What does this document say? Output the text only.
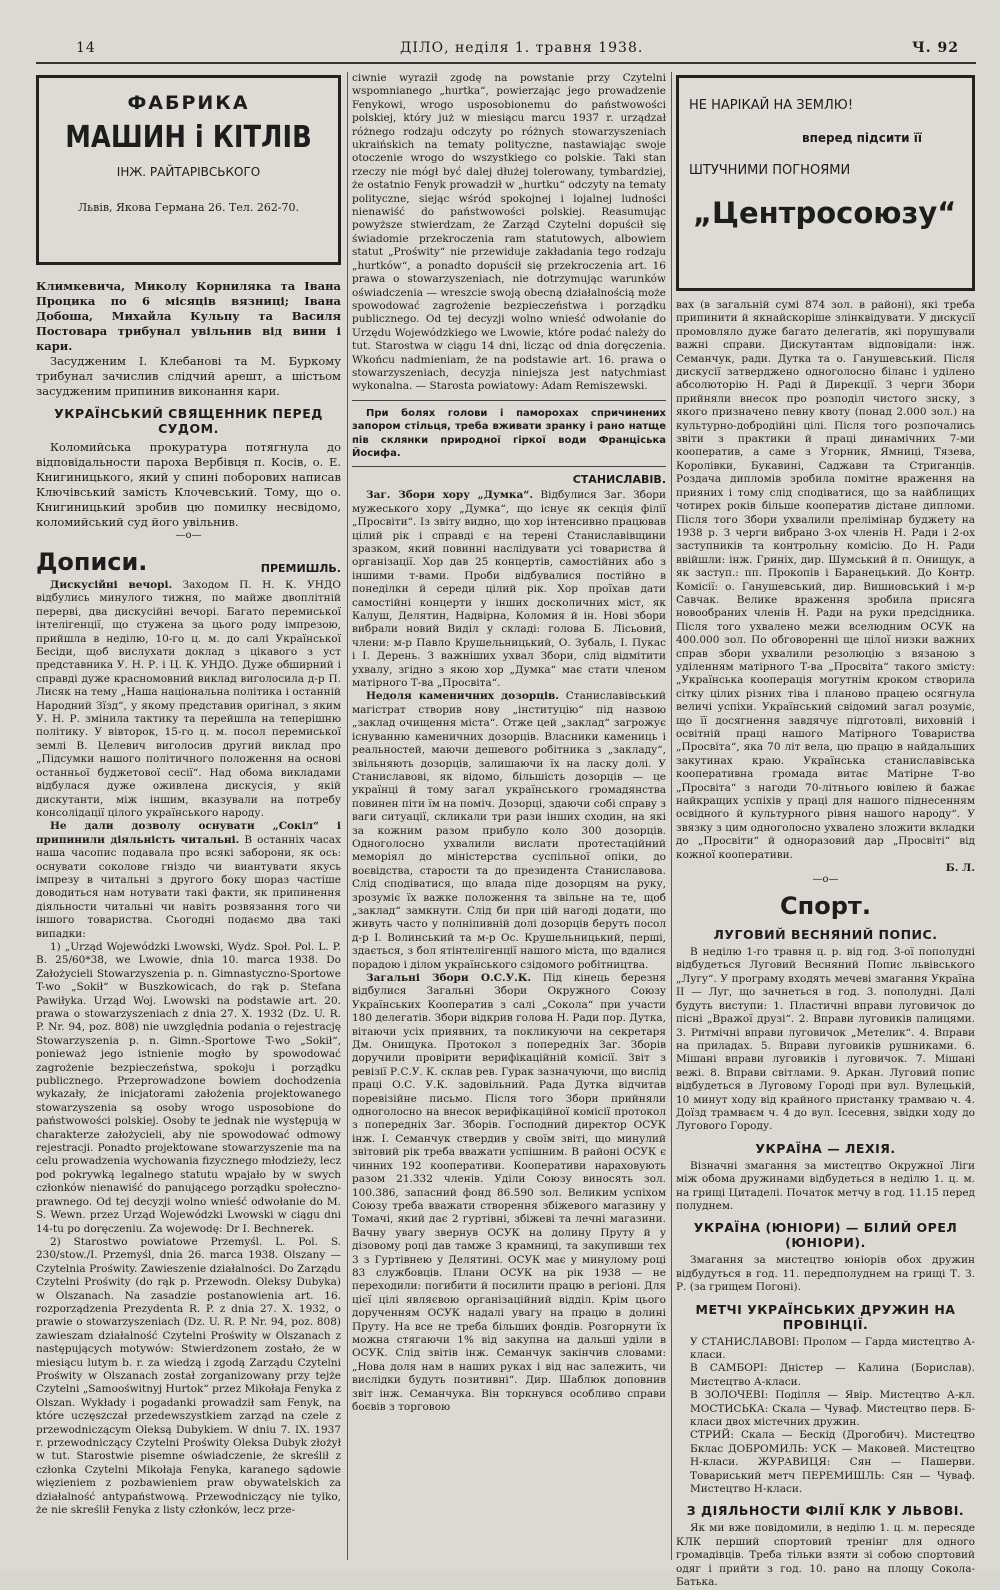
14	ДІЛО, неділя 1. травня 1938.	Ч. 92
ФАБРИКА
МАШИН і КІТЛІВ
ІНЖ. РАЙТАРІВСЬКОГО
Львів, Якова Германа 26. Тел. 262-70.

Климкевича, Миколу Корниляка та Івана Процика по 6 місяців вязниці; Івана Добоша, Михайла Кульпу та Василя Постовара трибунал увільнив від вини і кари.

Засудженим І. Клебанові та М. Буркому трибунал зачислив слідчий арешт, а шістьом засудженим припинив виконання кари.

УКРАЇНСЬКИЙ СВЯЩЕННИК ПЕРЕД СУДОМ.

Коломийська прокуратура потягнула до відповідальности пароха Вербівця п. Косів, о. Е. Книгиницького, який у спині поборових написав Ключівський замість Клочевський. Тому, що о. Книгиницький зробив цю помилку несвідомо, коломийський суд його увільнив.

—о—
Дописи.	ПРЕМИШЛЬ.

Дискусійні вечорі. Заходом П. Н. К. УНДО відбулись минулого тижня, по майже двоплітній перерві, два дискусійні вечорі. Багато перемиської інтелігенції, що стужена за цього роду імпрезою, прийшла в неділю, 10-го ц. м. до салі Української Бесіди, щоб вислухати доклад з цікавого з уст представника У. Н. Р. і Ц. К. УНДО. Дуже обширний і справді дуже красномовний виклад виголосила д-р П. Лисяк на тему „Наша національна політика і останній Народний Зїзд“, у якому представив оригінал, з яким У. Н. Р. змінила тактику та перейшла на теперішню політику. У вівторок, 15-го ц. м. посол перемиської землі В. Целевич виголосив другий виклад про „Підсумки нашого політичного положення на основі останньої буджетової сесії“. Над обома викладами відбулася дуже оживлена дискусія, у якій дискутанти, між іншим, вказували на потребу консолідації цілого українського народу.

Не дали дозволу оснувати „Сокіл“ і припинили діяльність читальні. В останніх часах наша часопис подавала про всякі заборони, як ось: оснувати соколове гніздо чи виантувати якусь імпрезу в читальні з другого боку шораз частіше доводиться нам нотувати такі факти, як припинення діяльности читальні чи навіть розвязання того чи іншого товариства. Сьогодні подаємо два такі випадки:

1) „Urząd Wojewódzki Lwowski, Wydz. Społ. Pol. L. P. B. 25/60*38, we Lwowie, dnia 10. marca 1938. Do Założycieli Stowarzyszenia p. n. Gimnastyczno-Sportowe T-wo „Sokił“ w Buszkowicach, do rąk p. Stefana Pawiłyka. Urząd Woj. Lwowski na podstawie art. 20. prawa o stowarzyszeniach z dnia 27. X. 1932 (Dz. U. R. P. Nr. 94, poz. 808) nie uwzględnia podania o rejestrację Stowarzyszenia p. n. Gimn.-Sportowe T-wo „Sokił“, ponieważ jego istnienie mogło by spowodować zagrożenie bezpieczeństwa, spokoju i porządku publicznego. Przeprowadzone bowiem dochodzenia wykazały, że inicjatorami założenia projektowanego stowarzyszenia są osoby wrogo usposobione do państwowości polskiej. Osoby te jednak nie występują w charakterze założycieli, aby nie spowodować odmowy rejestracji. Ponadto projektowane stowarzyszenie ma na celu prowadzenia wychowania fizycznego młodzieży, lecz pod pokrywką legalnego statutu wpajało by w swych członków nienawiść do panującego porządku społeczno-prawnego. Od tej decyzji wolno wnieść odwołanie do M. S. Wewn. przez Urząd Wojewódzki Lwowski w ciągu dni 14-tu po doręczeniu. Za wojewodę: Dr I. Bechnerek.

2) Starostwo powiatowe Przemyśl. L. Pol. S. 230/stow./I. Przemyśl, dnia 26. marca 1938. Olszany — Czytelnia Proświty. Zawieszenie działalności. Do Zarządu Czytelni Proświty (do rąk p. Przewodn. Oleksy Dubyka) w Olszanach. Na zasadzie postanowienia art. 16. rozporządzenia Prezydenta R. P. z dnia 27. X. 1932, o prawie o stowarzyszeniach (Dz. U. R. P. Nr. 94, poz. 808) zawieszam działalność Czytelni Proświty w Olszanach z następujących motywów: Stwierdzonem zostało, że w miesiącu lutym b. r. za wiedzą i zgodą Zarządu Czytelni Proświty w Olszanach został zorganizowany przy tejże Czytelni „Samooświtnyj Hurtok“ przez Mikołaja Fenyka z Olszan. Wykłady i pogadanki prowadził sam Fenyk, na które uczęszczał przedewszystkiem zarząd na czele z przewodniczącym Oleksą Dubykiem. W dniu 7. IX. 1937 r. przewodniczący Czytelni Proświty Oleksa Dubyk złożył w tut. Starostwie pisemne oświadczenie, że skreślił z członka Czytelni Mikołaja Fenyka, karanego sądowie więzieniem z pozbawieniem praw obywatelskich za działalność antypaństwową. Przewodniczący nie tylko, że nie skreślił Fenyka z listy członków, lecz prze-

ciwnie wyraził zgodę na powstanie przy Czytelni wspomnianego „hurtka“, powierzając jego prowadzenie Fenykowi, wrogo usposobionemu do państwowości polskiej, który już w miesiącu marcu 1937 r. urządzał różnego rodzaju odczyty po różnych stowarzyszeniach ukraińskich na tematy polityczne, nastawiając swoje otoczenie wrogo do wszystkiego co polskie. Taki stan rzeczy nie mógł być dalej dłużej tolerowany, tymbardziej, że ostatnio Fenyk prowadził w „hurtku“ odczyty na tematy polityczne, siejąc wśród spokojnej i lojalnej ludności nienawiść do państwowości polskiej. Reasumując powyższe stwierdzam, że Zarząd Czytelni dopuścił się świadomie przekroczenia ram statutowych, albowiem statut „Proświty“ nie przewiduje zakładania tego rodzaju „hurtków“, a ponadto dopuścił się przekroczenia art. 16 prawa o stowarzyszeniach, nie dotrzymując warunków oświadczenia — wreszcie swoją obecną działalnością może spowodować zagrożenie bezpieczeństwa i porządku publicznego. Od tej decyzji wolno wnieść odwołanie do Urzędu Wojewódzkiego we Lwowie, które podać należy do tut. Starostwa w ciągu 14 dni, licząc od dnia doręczenia. Wkońcu nadmieniam, że na podstawie art. 16. prawa o stowarzyszeniach, decyzja niniejsza jest natychmiast wykonalna. — Starosta powiatowy: Adam Remiszewski.

При болях голови і паморохах спричинених запором стільця, треба вживати зранку і рано натще пів склянки природної гіркої води Франціська Йосифа.

СТАНИСЛАВІВ.

Заг. Збори хору „Думка“. Відбулися Заг. Збори мужеського хору „Думка“, що існує як секція філії „Просвіти“. Із звіту видно, що хор інтенсивно працював цілий рік і справді є на терені Станиславівщини зразком, який повинні наслідувати усі товариства й організації. Хор дав 25 концертів, самостійних або з іншими т-вами. Проби відбувалися постійно в понеділки й середи цілий рік. Хор проїхав дати самостійні концерти у інших досколичних міст, як Калуш, Делятин, Надвірна, Коломия й ін. Нові збори вибрали новий Виділ у складі: голова Б. Лісьовий, члени: м-р Павло Крушельницький, О. Зубаль, І. Пукас і І. Дерень. З важніших ухвал Збори, слід відмітити ухвалу, згідно з якою хор „Думка“ має стати членом матірного Т-ва „Просвіта“.

Недоля каменичних дозорців. Станиславівський магістрат створив нову „інституцію“ під назвою „заклад очищення міста“. Отже цей „заклад“ загрожує існуванню каменичних дозорців. Власники камениць і реальностей, маючи дешевого робітника з „закладу“, звільняють дозорців, залишаючи їх на ласку долі. У Станиславові, як відомо, більшість дозорців — це українці й тому загал українського громадянства повинен піти їм на поміч. Дозорці, здаючи собі справу з ваги ситуації, скликали три рази інших сходин, на які за кожним разом прибуло коло 300 дозорців. Одноголосно ухвалили вислати протестаційний меморіял до міністерства суспільної опіки, до воєвідства, старости та до президента Станиславова. Слід сподіватися, що влада піде дозорцям на руку, зрозуміє їх важке положення та звільне на те, щоб „заклад“ замкнути. Слід би при цій нагоді додати, що живуть часто у полніпивній долі дозорців беруть посол д-р І. Волинський та м-р Ос. Крушельницький, перші, здається, з бол ятінтелігенції нашого міста, що вдалися порадою і ділом українського сзідомого робітництва.

Загальні Збори О.С.У.К. Під кінець березня відбулися Загальні Збори Окружного Союзу Українських Кооператив з салі „Сокола“ при участи 180 делегатів. Збори відкрив голова Н. Ради пор. Дутка, вітаючи усіх приявних, та покликуючи на секретаря Дм. Онищука. Протокол з попередніх Заг. Зборів доручили провірити верифікаційній комісії. Звіт з ревізії Р.С.У. К. склав рев. Гурак зазначуючи, що вислід праці О.С. У.К. задовільний. Рада Дутка відчитав поревізійне письмо. Після того Збори прийняли одноголосно на внесок верифікаційної комісії протокол з попередніх Заг. Зборів. Господний директор ОСУК інж. І. Семанчук ствердив у своїм звіті, що минулий звітовий рік треба вважати успішним. В районі ОСУК є чинних 192 кооперативи. Кооперативи нараховують разом 21.332 членів. Уділи Союзу виносять зол. 100.386, запасний фонд 86.590 зол. Великим успіхом Союзу треба вважати створення збіжевого магазину у Томачі, який дає 2 гуртівні, збіжеві та лечні магазини. Вачну увагу звернув ОСУК на долину Пруту й у дізовому році дав тамже 3 крамниці, та закупивши тех 3 з Гуртівнею у Делятині. ОСУК має у минулому році 83 службовців. Плани ОСУК на рік 1938 — не переходили: погибити й посилити працю в регіоні. Для цієї цілі являєвою організаційний відділ. Крім цього дорученням ОСУК надалі увагу на працю в долині Пруту. На все не треба більших фондів. Розгорнути їх можна стягаючи 1% від закупна на дальші уділи в ОСУК. Слід звітів інж. Семанчук закінчив словами: „Нова доля нам в наших руках і від нас залежить, чи вислідки будуть позитивні“. Дир. Шаблюк доповнив звіт інж. Семанчука. Він торкнувся особливо справи боєвів з торговою

НЕ НАРІКАЙ НА ЗЕМЛЮ!
вперед підсити її
ШТУЧНИМИ ПОГНОЯМИ
„Центросоюзу“

вах (в загальній сумі 874 зол. в районі), які треба припинити й якнайскоріше злінквідувати. У дискусії промовляло дуже багато делегатів, які порушували важні справи. Дискутантам відповідали: інж. Семанчук, ради. Дутка та о. Ганушевський. Після дискусії затверджено одноголосно біланс і уділено абсолюторію Н. Раді й Дирекції. З черги Збори прийняли внесок про розподіл чистого зиску, з якого призначено певну квоту (понад 2.000 зол.) на культурно-добродійні цілі. Після того розпочались звіти з практики й праці динамічних 7-ми кооператив, а саме з Угорник, Ямниці, Тязева, Королівки, Букавині, Саджави та Стриганців. Роздача дипломів зробила помітне враження на прияних і тому слід сподіватися, що за найблищих чотирех років більше кооператив дістане дипломи. Після того Збори ухвалили прелімінар буджету на 1938 р. З черги вибрано 3-ох членів Н. Ради і 2-ох заступників та контрольну комісію. До Н. Ради ввійшли: інж. Гриніх, дир. Шумський й п. Онищук, а як заступ.: пп. Прокопів і Баранецький. До Контр. Комісії: о. Ганушевський, дир. Вишиовський і м-р Савчак. Велике враження зробила присяга новообраних членів Н. Ради на руки предсідника. Після того ухвалено межи вселюдним ОСУК на 400.000 зол. По обговоренні ще цілої низки важних справ збори ухвалили резолюцію з вязаною з уділенням матірного Т-ва „Просвіта“ такого змісту: „Українська кооперація могутнім кроком створила сітку цілих різних тіва і планово працею осягнула величі успіхи. Український свідомий загал розуміє, що її досягнення завдячує підготовлі, виховній і освітній праці нашого Матірного Товариства „Просвіта“, яка 70 літ вела, цю працю в найдальших закутинах краю. Українська станиславівська кооперативна громада витає Матірне Т-во „Просвіта“ з нагоди 70-літнього ювілею й бажає найкращих успіхів у праці для нашого піднесенням освідного й культурного рівня нашого народу“. У звязку з цим одноголосно ухвалено зложити вкладки до „Просвіти“ й одноразовий дар „Просвіті“ від кожної кооперативи.

Б. Л.
—о—
Спорт.
ЛУГОВИЙ ВЕСНЯНИЙ ПОПИС.

В неділю 1-го травня ц. р. від год. 3-ої пополудні відбудеться Луговий Весняний Попис львівського „Лугу“. У програму входять мечеві змагання Україна ІІ — Луг, що зачнеться в год. 3. пополудні. Далі будуть виступи: 1. Пластичні вправи луговичок до пісні „Вражої друзі“. 2. Вправи луговиків палицями. 3. Ритмічні вправи луговичок „Метелик“. 4. Вправи на приладах. 5. Вправи луговиків рушниками. 6. Мішані вправи луговиків і луговичок. 7. Мішані вежі. 8. Вправи світлами. 9. Аркан. Луговий попис відбудеться в Луговому Городі при вул. Вулецькій, 10 минут ходу від крайного пристанку трамваю ч. 4. Доїзд трамваєм ч. 4 до вул. Ісесевня, звідки ходу до Лугового Городу.

УКРАЇНА — ЛЕХІЯ.

Візначні змагання за мистецтво Окружної Ліги між обома дружинами відбудеться в неділю 1. ц. м. на грищі Цитаделі. Початок метчу в год. 11.15 перед полуднем.

УКРАЇНА (ЮНІОРИ) — БІЛИЙ ОРЕЛ (ЮНІОРИ).

Змагання за мистецтво юніорів обох дружин відбудуться в год. 11. передполуднем на грищі Т. З. Р. (за грищем Погоні).

МЕТЧІ УКРАЇНСЬКИХ ДРУЖИН НА ПРОВІНЦІЇ.

У СТАНИСЛАВОВІ: Пролом — Гарда мистецтво А-класи.

В САМБОРІ: Дністер — Калина (Борислав). Мистецтво А-класи.

В ЗОЛОЧЕВІ: Поділля — Явір. Мистецтво А-кл. МОСТИСЬКА: Скала — Чуваф. Мистецтво перв. Б-класи двох містечних дружин.

СТРИЙ: Скала — Бескід (Дрогобич). Мистецтво Бклас ДОБРОМИЛЬ: УСК — Маковей. Мистецтво Н-класи. ЖУРАВИЦЯ: Сян — Пашерви. Товариський метч ПЕРЕМИШЛЬ: Сян — Чуваф. Мистецтво Н-класи.

З ДІЯЛЬНОСТИ ФІЛІЇ КЛК У ЛЬВОВІ.

Як ми вже повідомили, в неділю 1. ц. м. пересяде КЛК перший спортовий тренінг для одного громадівців. Треба тільки взяти зі собою спортовий одяг і прийти з год. 10. рано на площу Сокола-Батька.
